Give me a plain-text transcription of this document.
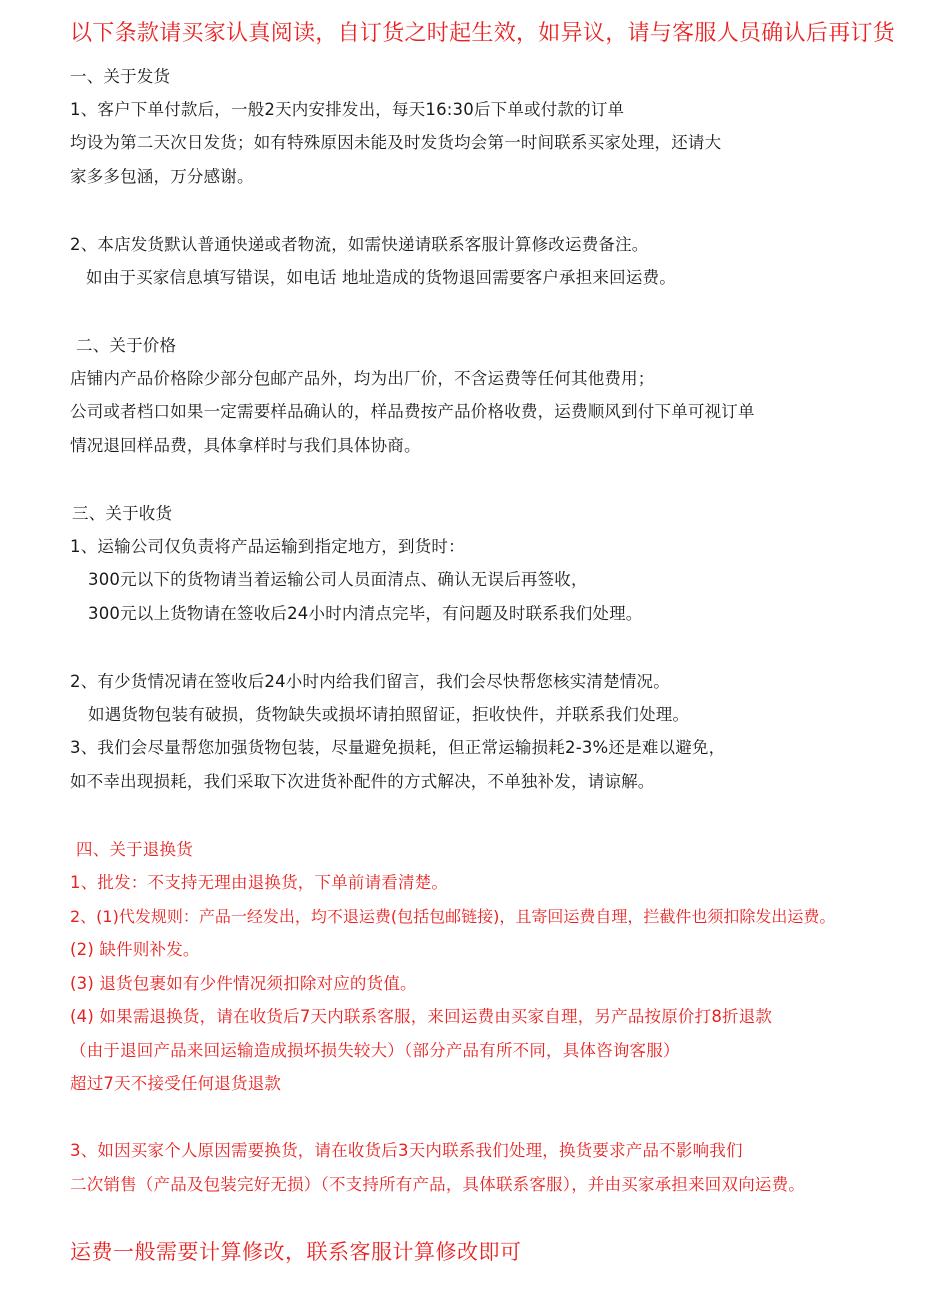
以下条款请买家认真阅读，自订货之时起生效，如异议，请与客服人员确认后再订货
一、关于发货
1、客户下单付款后，一般2天内安排发出，每天16:30后下单或付款的订单
均设为第二天次日发货；如有特殊原因未能及时发货均会第一时间联系买家处理，还请大
家多多包涵，万分感谢。
2、本店发货默认普通快递或者物流，如需快递请联系客服计算修改运费备注。
如由于买家信息填写错误，如电话 地址造成的货物退回需要客户承担来回运费。
二、关于价格
店铺内产品价格除少部分包邮产品外，均为出厂价，不含运费等任何其他费用；
公司或者档口如果一定需要样品确认的，样品费按产品价格收费，运费顺风到付下单可视订单
情况退回样品费，具体拿样时与我们具体协商。
三、关于收货
1、运输公司仅负责将产品运输到指定地方，到货时：
300元以下的货物请当着运输公司人员面清点、确认无误后再签收，
300元以上货物请在签收后24小时内清点完毕，有问题及时联系我们处理。
2、有少货情况请在签收后24小时内给我们留言，我们会尽快帮您核实清楚情况。
如遇货物包装有破损，货物缺失或损坏请拍照留证，拒收快件，并联系我们处理。
3、我们会尽量帮您加强货物包装，尽量避免损耗，但正常运输损耗2-3%还是难以避免，
如不幸出现损耗，我们采取下次进货补配件的方式解决，不单独补发，请谅解。
四、关于退换货
1、批发：不支持无理由退换货，下单前请看清楚。
2、(1)代发规则：产品一经发出，均不退运费(包括包邮链接)，且寄回运费自理，拦截件也须扣除发出运费。
(2) 缺件则补发。
(3) 退货包裹如有少件情况须扣除对应的货值。
(4) 如果需退换货，请在收货后7天内联系客服，来回运费由买家自理，另产品按原价打8折退款
（由于退回产品来回运输造成损坏损失较大）（部分产品有所不同，具体咨询客服）
超过7天不接受任何退货退款
3、如因买家个人原因需要换货，请在收货后3天内联系我们处理，换货要求产品不影响我们
二次销售（产品及包装完好无损）（不支持所有产品，具体联系客服），并由买家承担来回双向运费。
运费一般需要计算修改，联系客服计算修改即可
